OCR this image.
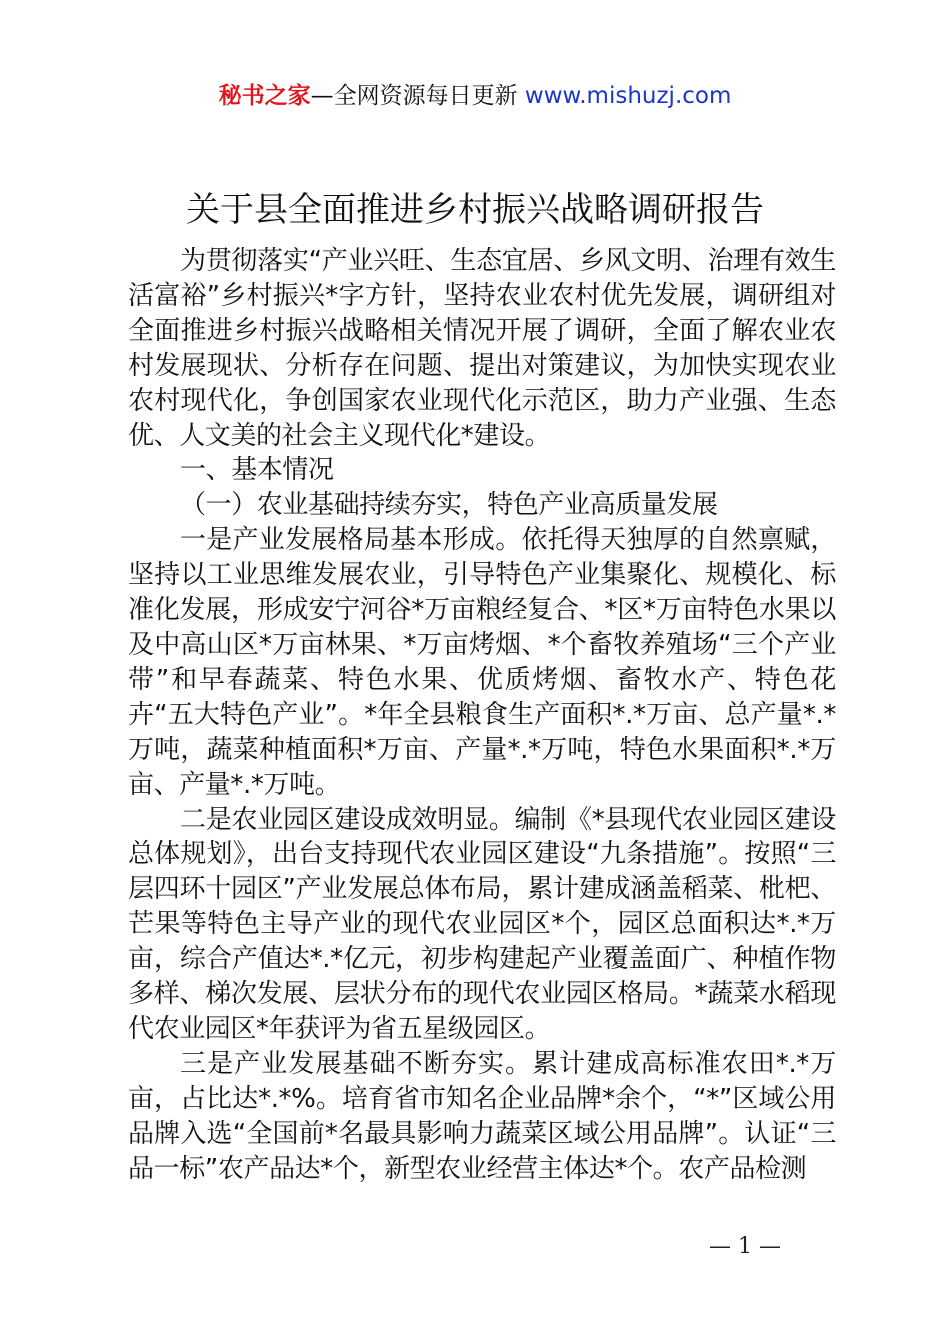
秘书之家—全网资源每日更新 www.mishuzj.com
关于县全面推进乡村振兴战略调研报告

为贯彻落实“产业兴旺、生态宜居、乡风文明、治理有效生活富裕”乡村振兴*字方针，坚持农业农村优先发展，调研组对全面推进乡村振兴战略相关情况开展了调研，全面了解农业农村发展现状、分析存在问题、提出对策建议，为加快实现农业农村现代化，争创国家农业现代化示范区，助力产业强、生态优、人文美的社会主义现代化*建设。

一、基本情况

（一）农业基础持续夯实，特色产业高质量发展

一是产业发展格局基本形成。依托得天独厚的自然禀赋，坚持以工业思维发展农业，引导特色产业集聚化、规模化、标准化发展，形成安宁河谷*万亩粮经复合、*区*万亩特色水果以及中高山区*万亩林果、*万亩烤烟、*个畜牧养殖场“三个产业带”和早春蔬菜、特色水果、优质烤烟、畜牧水产、特色花卉“五大特色产业”。*年全县粮食生产面积*.*万亩、总产量*.*万吨，蔬菜种植面积*万亩、产量*.*万吨，特色水果面积*.*万亩、产量*.*万吨。

二是农业园区建设成效明显。编制《*县现代农业园区建设总体规划》，出台支持现代农业园区建设“九条措施”。按照“三层四环十园区”产业发展总体布局，累计建成涵盖稻菜、枇杷、芒果等特色主导产业的现代农业园区*个，园区总面积达*.*万亩，综合产值达*.*亿元，初步构建起产业覆盖面广、种植作物多样、梯次发展、层状分布的现代农业园区格局。*蔬菜水稻现代农业园区*年获评为省五星级园区。

三是产业发展基础不断夯实。累计建成高标准农田*.*万亩，占比达*.*%。培育省市知名企业品牌*余个，“*”区域公用品牌入选“全国前*名最具影响力蔬菜区域公用品牌”。认证“三品一标”农产品达*个，新型农业经营主体达*个。农产品检测

— 1 —
